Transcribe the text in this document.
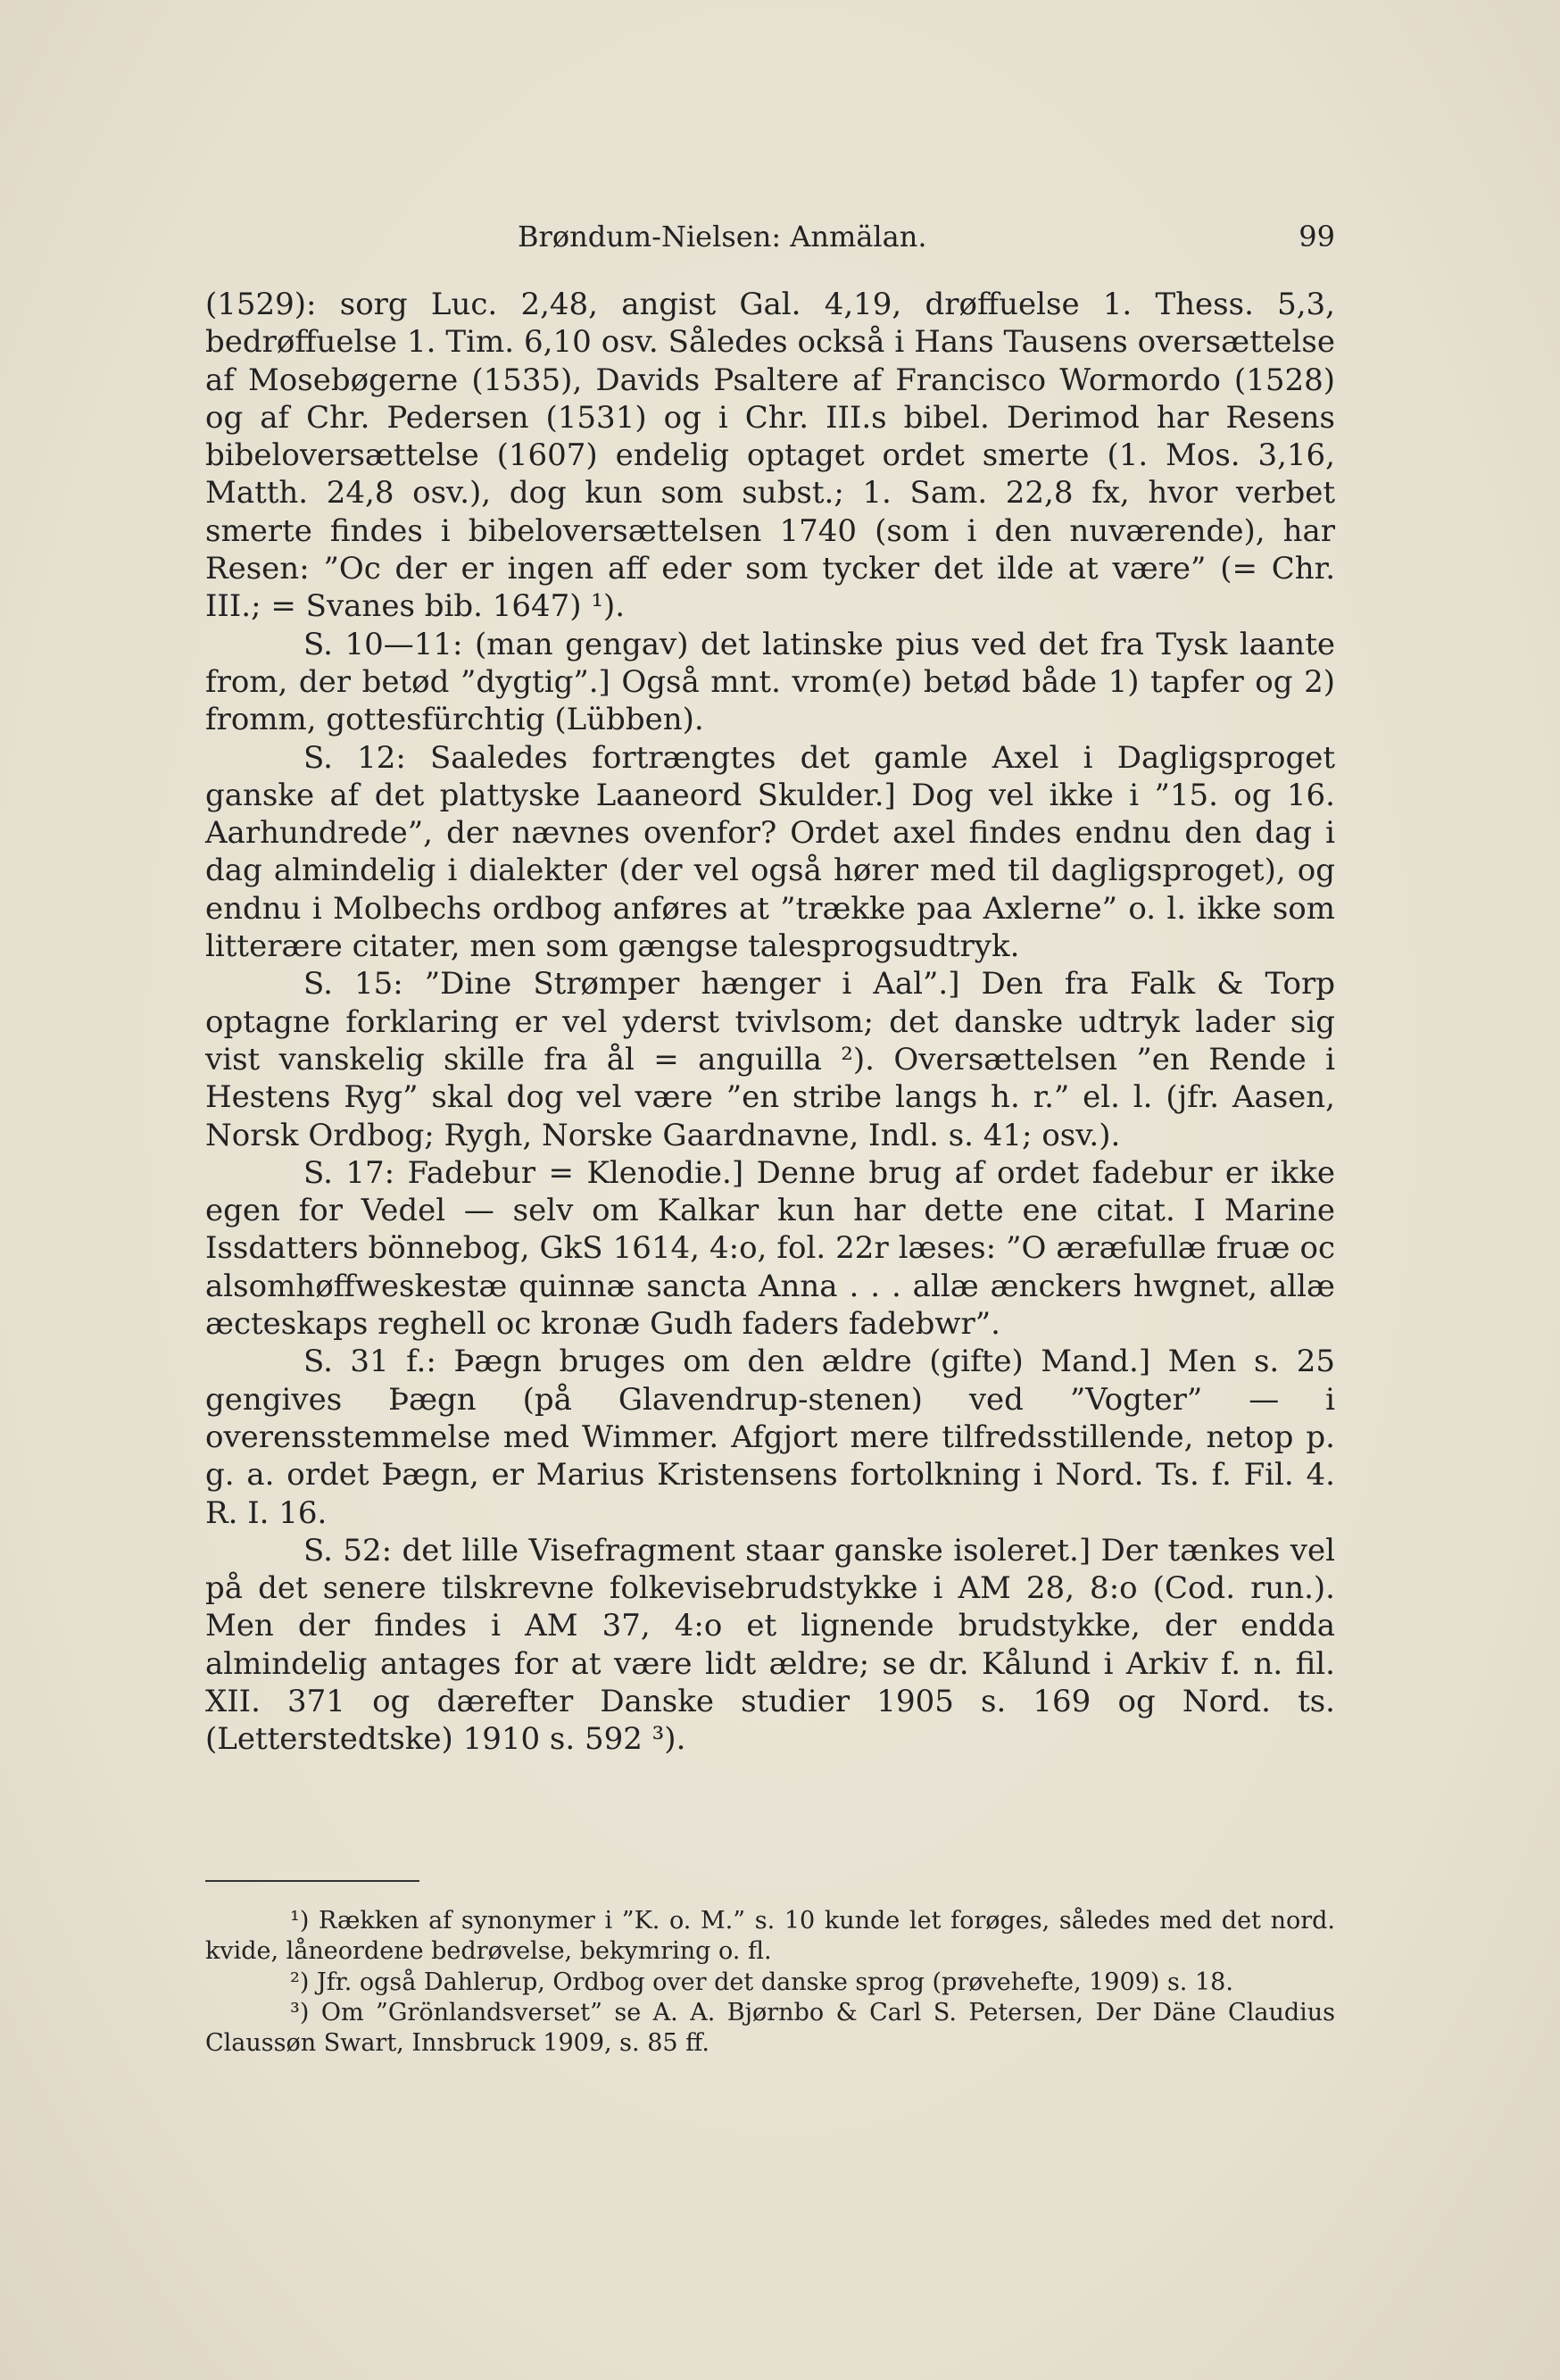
Brøndum-Nielsen: Anmälan.	99

(1529): sorg Luc. 2,48, angist Gal. 4,19, drøffuelse 1. Thess. 5,3, bedrøffuelse 1. Tim. 6,10 osv. Således också i Hans Tausens oversættelse af Mosebøgerne (1535), Davids Psaltere af Francisco Wormordo (1528) og af Chr. Pedersen (1531) og i Chr. III.s bibel. Derimod har Resens bibeloversættelse (1607) endelig optaget ordet smerte (1. Mos. 3,16, Matth. 24,8 osv.), dog kun som subst.; 1. Sam. 22,8 fx, hvor verbet smerte findes i bibeloversættelsen 1740 (som i den nuværende), har Resen: ”Oc der er ingen aff eder som tycker det ilde at være” (= Chr. III.; = Svanes bib. 1647) ¹).

S. 10—11: (man gengav) det latinske pius ved det fra Tysk laante from, der betød ”dygtig”.] Også mnt. vrom(e) betød både 1) tapfer og 2) fromm, gottesfürchtig (Lübben).

S. 12: Saaledes fortrængtes det gamle Axel i Dagligsproget ganske af det plattyske Laaneord Skulder.] Dog vel ikke i ”15. og 16. Aarhundrede”, der nævnes ovenfor? Ordet axel findes endnu den dag i dag almindelig i dialekter (der vel også hører med til dagligsproget), og endnu i Molbechs ordbog anføres at ”trække paa Axlerne” o. l. ikke som litterære citater, men som gængse talesprogsudtryk.

S. 15: ”Dine Strømper hænger i Aal”.] Den fra Falk & Torp optagne forklaring er vel yderst tvivlsom; det danske udtryk lader sig vist vanskelig skille fra ål = anguilla ²). Oversættelsen ”en Rende i Hestens Ryg” skal dog vel være ”en stribe langs h. r.” el. l. (jfr. Aasen, Norsk Ordbog; Rygh, Norske Gaardnavne, Indl. s. 41; osv.).

S. 17: Fadebur = Klenodie.] Denne brug af ordet fadebur er ikke egen for Vedel — selv om Kalkar kun har dette ene citat. I Marine Issdatters bönnebog, GkS 1614, 4:o, fol. 22r læses: ”O æræfullæ fruæ oc alsomhøffweskestæ quinnæ sancta Anna . . . allæ ænckers hwgnet, allæ æcteskaps reghell oc kronæ Gudh faders fadebwr”.

S. 31 f.: Þægn bruges om den ældre (gifte) Mand.] Men s. 25 gengives Þægn (på Glavendrup-stenen) ved ”Vogter” — i overensstemmelse med Wimmer. Afgjort mere tilfredsstillende, netop p. g. a. ordet Þægn, er Marius Kristensens fortolkning i Nord. Ts. f. Fil. 4. R. I. 16.

S. 52: det lille Visefragment staar ganske isoleret.] Der tænkes vel på det senere tilskrevne folkevisebrudstykke i AM 28, 8:o (Cod. run.). Men der findes i AM 37, 4:o et lignende brudstykke, der endda almindelig antages for at være lidt ældre; se dr. Kålund i Arkiv f. n. fil. XII. 371 og dærefter Danske studier 1905 s. 169 og Nord. ts. (Letterstedtske) 1910 s. 592 ³).

¹) Rækken af synonymer i ”K. o. M.” s. 10 kunde let forøges, således med det nord. kvide, låneordene bedrøvelse, bekymring o. fl.

²) Jfr. også Dahlerup, Ordbog over det danske sprog (prøvehefte, 1909) s. 18.

³) Om ”Grönlandsverset” se A. A. Bjørnbo & Carl S. Petersen, Der Däne Claudius Claussøn Swart, Innsbruck 1909, s. 85 ff.
